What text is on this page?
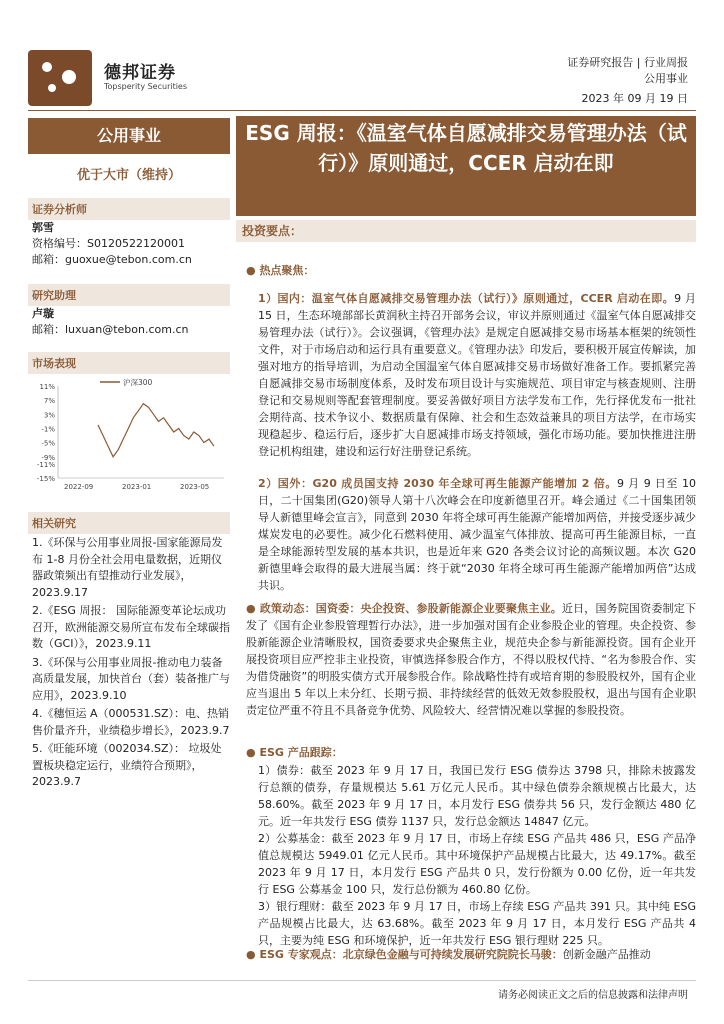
德邦证券
Topsperity Securities
证券研究报告 | 行业周报
公用事业
2023 年 09 月 19 日
公用事业
优于大市（维持）
证券分析师
郭雪
资格编号：S0120522120001
邮箱：guoxue@tebon.com.cn
研究助理
卢璇
邮箱：luxuan@tebon.com.cn
市场表现
11%
7%
3%
-1%
-5%
-9%
-11%
-15%
2022-09	2023-01	2023-05
沪深300
相关研究
1.《环保与公用事业周报-国家能源局发布 1-8 月份全社会用电量数据，近期仪器政策频出有望推动行业发展》，2023.9.17
2.《ESG 周报： 国际能源变革论坛成功召开，欧洲能源交易所宣布发布全球碳指数（GCI）》，2023.9.11
3.《环保与公用事业周报-推动电力装备高质量发展，加快首台（套）装备推广与应用》，2023.9.10
4.《穗恒运 A（000531.SZ）：电、热销售价量齐升，业绩稳步增长》，2023.9.7
5.《旺能环境（002034.SZ）： 垃圾处置板块稳定运行，业绩符合预期》，2023.9.7
ESG 周报：《温室气体自愿减排交易管理办法（试行）》原则通过，CCER 启动在即
投资要点：
● 热点聚焦：
1）国内：温室气体自愿减排交易管理办法（试行）》原则通过，CCER 启动在即。9 月 15 日，生态环境部部长黄润秋主持召开部务会议，审议并原则通过《温室气体自愿减排交易管理办法（试行）》。会议强调，《管理办法》是规定自愿减排交易市场基本框架的统领性文件，对于市场启动和运行具有重要意义。《管理办法》印发后，要积极开展宣传解读，加强对地方的指导培训，为启动全国温室气体自愿减排交易市场做好准备工作。要抓紧完善自愿减排交易市场制度体系，及时发布项目设计与实施规范、项目审定与核查规则、注册登记和交易规则等配套管理制度。要妥善做好项目方法学发布工作，先行择优发布一批社会期待高、技术争议小、数据质量有保障、社会和生态效益兼具的项目方法学，在市场实现稳起步、稳运行后，逐步扩大自愿减排市场支持领域，强化市场功能。要加快推进注册登记机构组建，建设和运行好注册登记系统。
2）国外：G20 成员国支持 2030 年全球可再生能源产能增加 2 倍。9 月 9 日至 10 日，二十国集团(G20)领导人第十八次峰会在印度新德里召开。峰会通过《二十国集团领导人新德里峰会宣言》，同意到 2030 年将全球可再生能源产能增加两倍，并接受逐步减少煤炭发电的必要性。减少化石燃料使用、减少温室气体排放、提高可再生能源目标，一直是全球能源转型发展的基本共识，也是近年来 G20 各类会议讨论的高频议题。本次 G20 新德里峰会取得的最大进展当属：终于就“2030 年将全球可再生能源产能增加两倍”达成共识。
● 政策动态：国资委：央企投资、参股新能源企业要聚焦主业。近日，国务院国资委制定下发了《国有企业参股管理暂行办法》，进一步加强对国有企业参股企业的管理。央企投资、参股新能源企业清晰股权，国资委要求央企聚焦主业，规范央企参与新能源投资。国有企业开展投资项目应严控非主业投资，审慎选择参股合作方，不得以股权代持、“名为参股合作、实为借贷融资”的明股实债方式开展参股合作。除战略性持有或培育期的参股股权外，国有企业应当退出 5 年以上未分红、长期亏损、非持续经营的低效无效参股股权，退出与国有企业职责定位严重不符且不具备竞争优势、风险较大、经营情况难以掌握的参股投资。
● ESG 产品跟踪：
1）债券：截至 2023 年 9 月 17 日，我国已发行 ESG 债券达 3798 只，排除未披露发行总额的债券，存量规模达 5.61 万亿元人民币。其中绿色债券余额规模占比最大，达 58.60%。截至 2023 年 9 月 17 日，本月发行 ESG 债券共 56 只，发行金额达 480 亿元。近一年共发行 ESG 债券 1137 只，发行总金额达 14847 亿元。
2）公募基金：截至 2023 年 9 月 17 日，市场上存续 ESG 产品共 486 只，ESG 产品净值总规模达 5949.01 亿元人民币。其中环境保护产品规模占比最大，达 49.17%。截至 2023 年 9 月 17 日，本月发行 ESG 产品共 0 只，发行份额为 0.00 亿份，近一年共发行 ESG 公募基金 100 只，发行总份额为 460.80 亿份。
3）银行理财：截至 2023 年 9 月 17 日，市场上存续 ESG 产品共 391 只。其中纯 ESG 产品规模占比最大，达 63.68%。截至 2023 年 9 月 17 日，本月发行 ESG 产品共 4 只，主要为纯 ESG 和环境保护，近一年共发行 ESG 银行理财 225 只。
● ESG 专家观点：北京绿色金融与可持续发展研究院院长马骏：创新金融产品推动
请务必阅读正文之后的信息披露和法律声明
